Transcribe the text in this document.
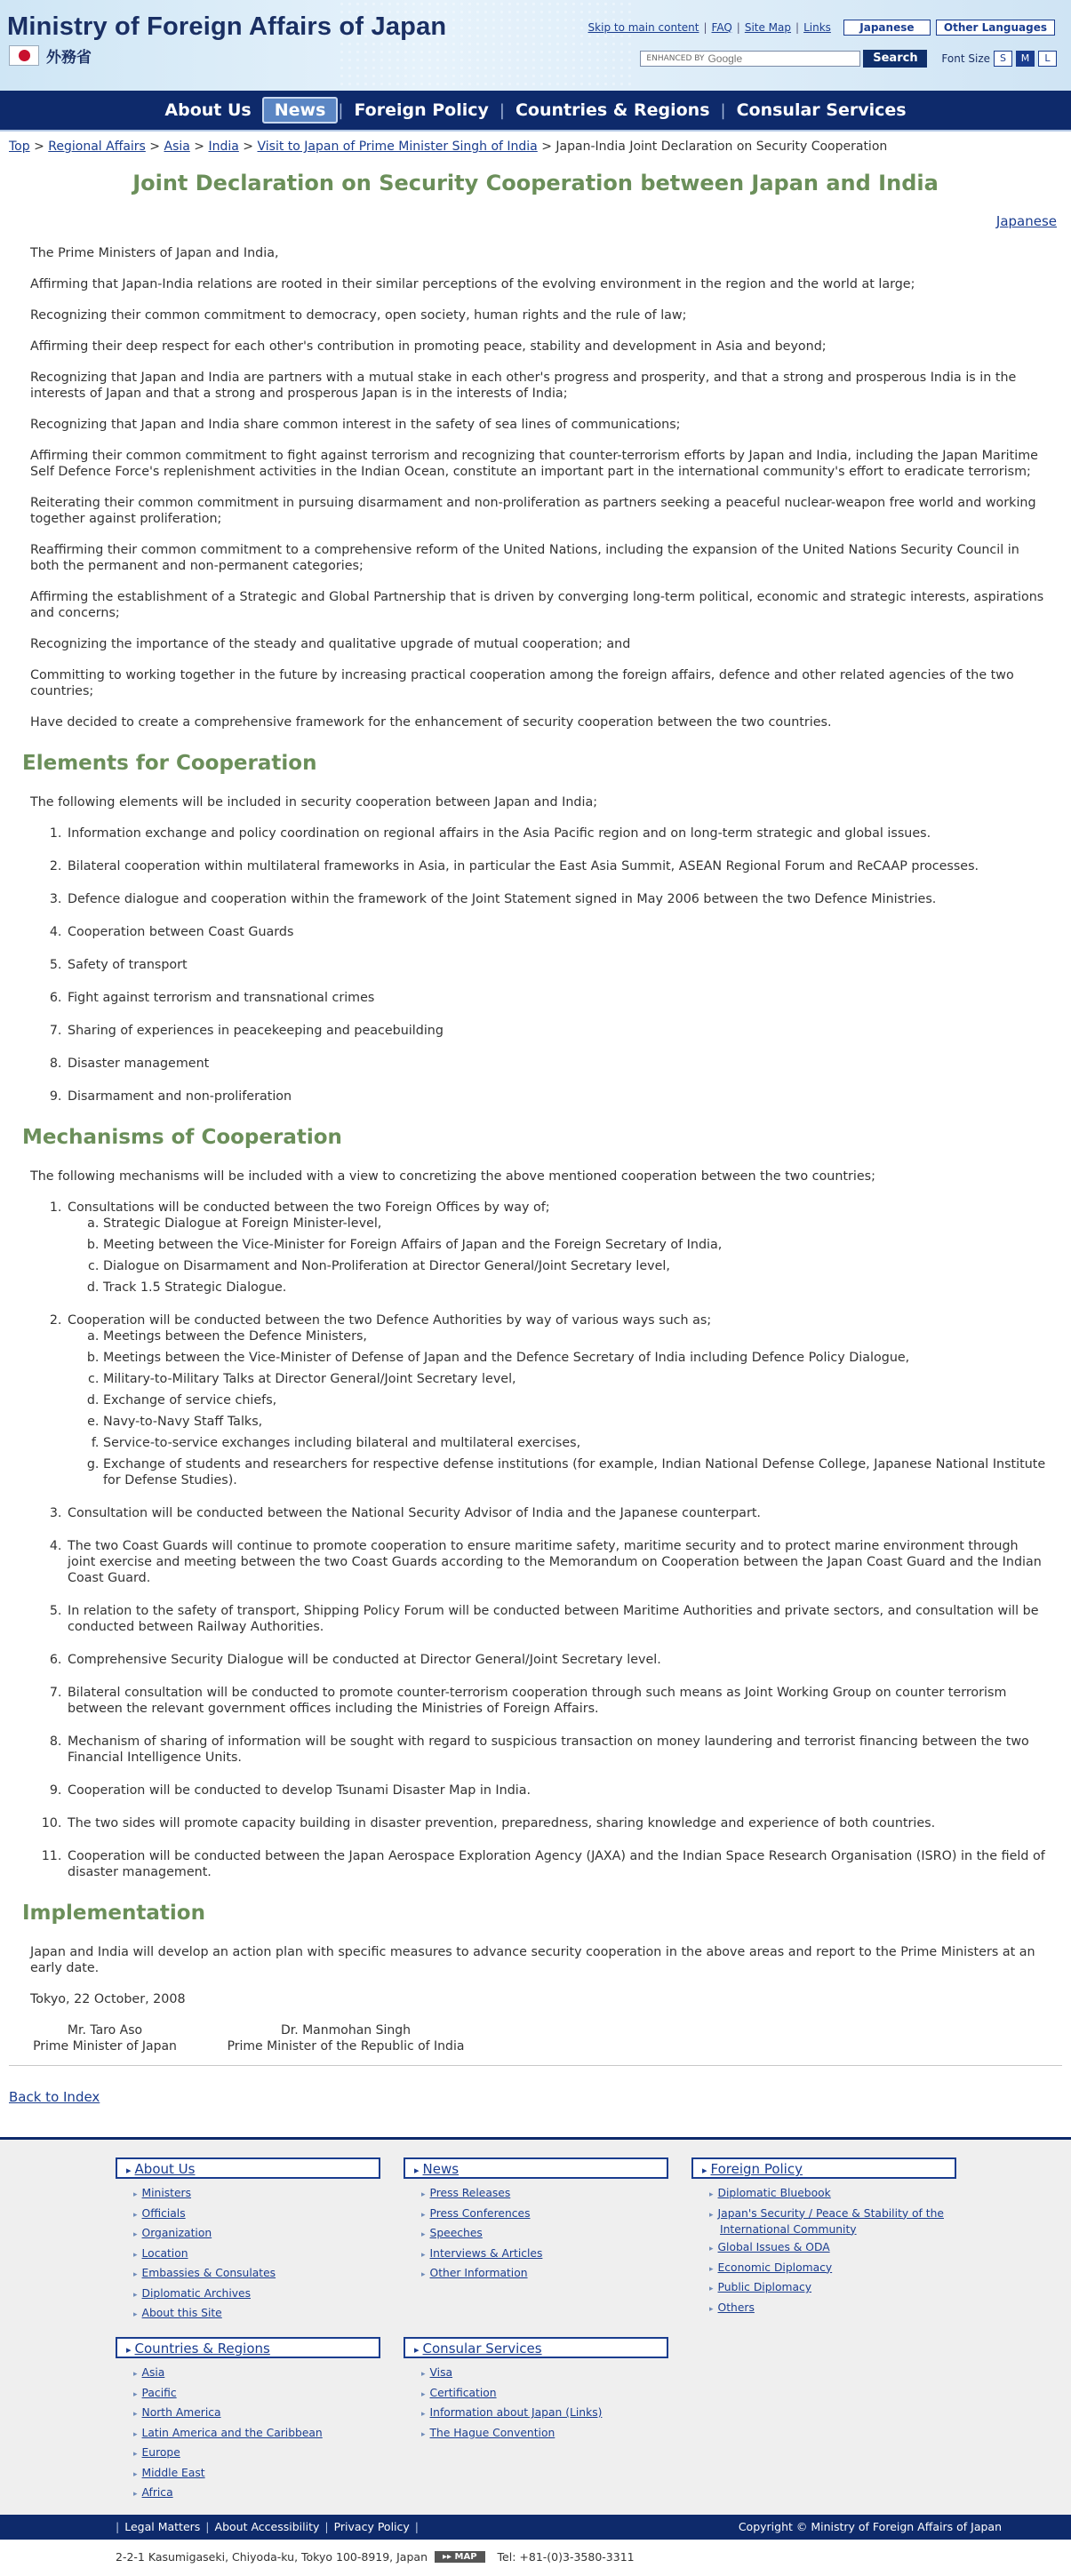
Ministry of Foreign Affairs of Japan
外務省
Skip to main content | FAQ | Site Map | Links	Japanese	Other Languages
ENHANCED BY Google	Search	Font Size	S	M	L
About Us	News | Foreign Policy | Countries & Regions | Consular Services
Top > Regional Affairs > Asia > India > Visit to Japan of Prime Minister Singh of India > Japan-India Joint Declaration on Security Cooperation
Joint Declaration on Security Cooperation between Japan and India
Japanese

The Prime Ministers of Japan and India,

Affirming that Japan-India relations are rooted in their similar perceptions of the evolving environment in the region and the world at large;

Recognizing their common commitment to democracy, open society, human rights and the rule of law;

Affirming their deep respect for each other's contribution in promoting peace, stability and development in Asia and beyond;

Recognizing that Japan and India are partners with a mutual stake in each other's progress and prosperity, and that a strong and prosperous India is in the interests of Japan and that a strong and prosperous Japan is in the interests of India;

Recognizing that Japan and India share common interest in the safety of sea lines of communications;

Affirming their common commitment to fight against terrorism and recognizing that counter-terrorism efforts by Japan and India, including the Japan Maritime Self Defence Force's replenishment activities in the Indian Ocean, constitute an important part in the international community's effort to eradicate terrorism;

Reiterating their common commitment in pursuing disarmament and non-proliferation as partners seeking a peaceful nuclear-weapon free world and working together against proliferation;

Reaffirming their common commitment to a comprehensive reform of the United Nations, including the expansion of the United Nations Security Council in both the permanent and non-permanent categories;

Affirming the establishment of a Strategic and Global Partnership that is driven by converging long-term political, economic and strategic interests, aspirations and concerns;

Recognizing the importance of the steady and qualitative upgrade of mutual cooperation; and

Committing to working together in the future by increasing practical cooperation among the foreign affairs, defence and other related agencies of the two countries;

Have decided to create a comprehensive framework for the enhancement of security cooperation between the two countries.

Elements for Cooperation

The following elements will be included in security cooperation between Japan and India;

1. Information exchange and policy coordination on regional affairs in the Asia Pacific region and on long-term strategic and global issues.
2. Bilateral cooperation within multilateral frameworks in Asia, in particular the East Asia Summit, ASEAN Regional Forum and ReCAAP processes.
3. Defence dialogue and cooperation within the framework of the Joint Statement signed in May 2006 between the two Defence Ministries.
4. Cooperation between Coast Guards
5. Safety of transport
6. Fight against terrorism and transnational crimes
7. Sharing of experiences in peacekeeping and peacebuilding
8. Disaster management
9. Disarmament and non-proliferation
Mechanisms of Cooperation

The following mechanisms will be included with a view to concretizing the above mentioned cooperation between the two countries;

1. Consultations will be conducted between the two Foreign Offices by way of;
a. Strategic Dialogue at Foreign Minister-level,
b. Meeting between the Vice-Minister for Foreign Affairs of Japan and the Foreign Secretary of India,
c. Dialogue on Disarmament and Non-Proliferation at Director General/Joint Secretary level,
d. Track 1.5 Strategic Dialogue.
2. Cooperation will be conducted between the two Defence Authorities by way of various ways such as;
a. Meetings between the Defence Ministers,
b. Meetings between the Vice-Minister of Defense of Japan and the Defence Secretary of India including Defence Policy Dialogue,
c. Military-to-Military Talks at Director General/Joint Secretary level,
d. Exchange of service chiefs,
e. Navy-to-Navy Staff Talks,
f. Service-to-service exchanges including bilateral and multilateral exercises,
g. Exchange of students and researchers for respective defense institutions (for example, Indian National Defense College, Japanese National Institute for Defense Studies).
3. Consultation will be conducted between the National Security Advisor of India and the Japanese counterpart.
4. The two Coast Guards will continue to promote cooperation to ensure maritime safety, maritime security and to protect marine environment through joint exercise and meeting between the two Coast Guards according to the Memorandum on Cooperation between the Japan Coast Guard and the Indian Coast Guard.
5. In relation to the safety of transport, Shipping Policy Forum will be conducted between Maritime Authorities and private sectors, and consultation will be conducted between Railway Authorities.
6. Comprehensive Security Dialogue will be conducted at Director General/Joint Secretary level.
7. Bilateral consultation will be conducted to promote counter-terrorism cooperation through such means as Joint Working Group on counter terrorism between the relevant government offices including the Ministries of Foreign Affairs.
8. Mechanism of sharing of information will be sought with regard to suspicious transaction on money laundering and terrorist financing between the two Financial Intelligence Units.
9. Cooperation will be conducted to develop Tsunami Disaster Map in India.
10. The two sides will promote capacity building in disaster prevention, preparedness, sharing knowledge and experience of both countries.
11. Cooperation will be conducted between the Japan Aerospace Exploration Agency (JAXA) and the Indian Space Research Organisation (ISRO) in the field of disaster management.
Implementation

Japan and India will develop an action plan with specific measures to advance security cooperation in the above areas and report to the Prime Ministers at an early date.

Tokyo, 22 October, 2008

Mr. Taro Aso
Prime Minister of Japan
Dr. Manmohan Singh
Prime Minister of the Republic of India
Back to Index
▸ About Us
▸ Ministers
▸ Officials
▸ Organization
▸ Location
▸ Embassies & Consulates
▸ Diplomatic Archives
▸ About this Site
▸ News
▸ Press Releases
▸ Press Conferences
▸ Speeches
▸ Interviews & Articles
▸ Other Information
▸ Foreign Policy
▸ Diplomatic Bluebook
▸ Japan's Security / Peace & Stability of the International Community
▸ Global Issues & ODA
▸ Economic Diplomacy
▸ Public Diplomacy
▸ Others
▸ Countries & Regions
▸ Asia
▸ Pacific
▸ North America
▸ Latin America and the Caribbean
▸ Europe
▸ Middle East
▸ Africa
▸ Consular Services
▸ Visa
▸ Certification
▸ Information about Japan (Links)
▸ The Hague Convention
| Legal Matters | About Accessibility | Privacy Policy |	Copyright © Ministry of Foreign Affairs of Japan
2-2-1 Kasumigaseki, Chiyoda-ku, Tokyo 100-8919, Japan	▸▸ MAP	Tel: +81-(0)3-3580-3311
